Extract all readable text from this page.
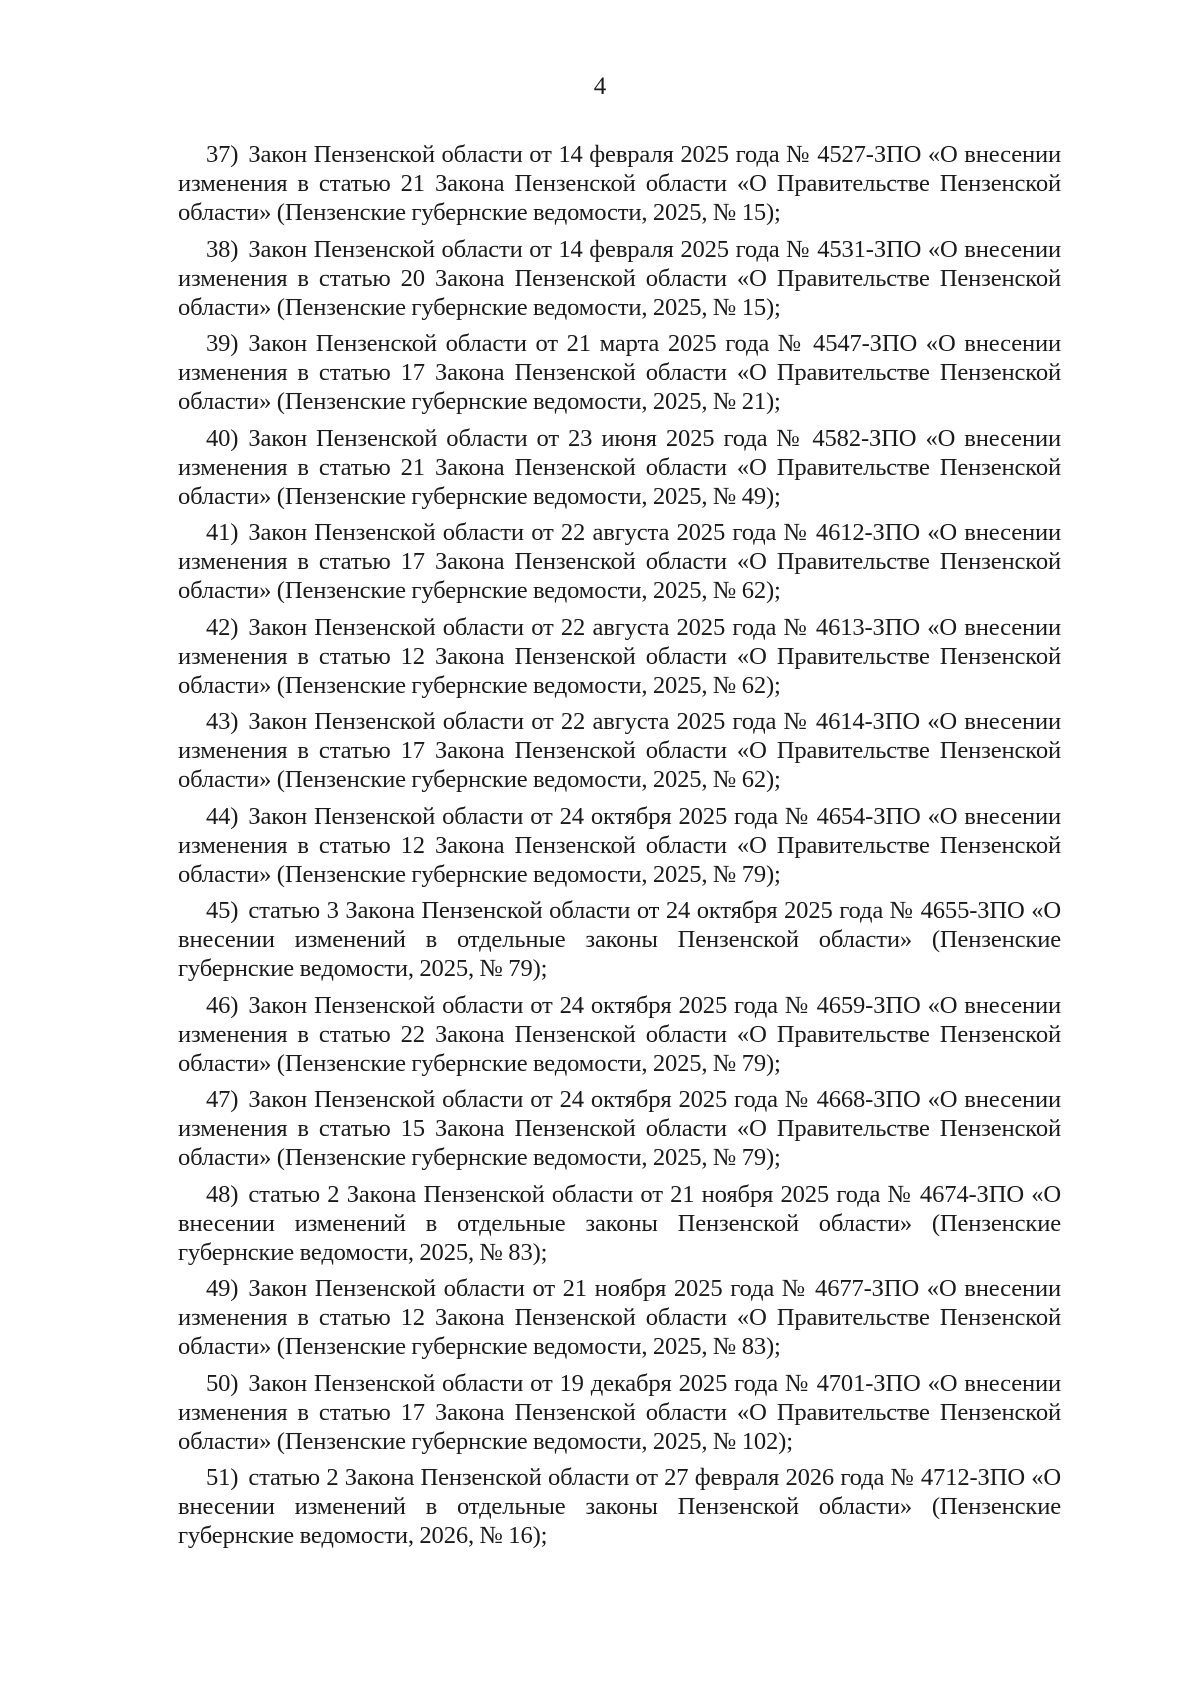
4

37) Закон Пензенской области от 14 февраля 2025 года № 4527-ЗПО «О внесении изменения в статью 21 Закона Пензенской области «О Правительстве Пензенской области» (Пензенские губернские ведомости, 2025, № 15);

38) Закон Пензенской области от 14 февраля 2025 года № 4531-ЗПО «О внесении изменения в статью 20 Закона Пензенской области «О Правительстве Пензенской области» (Пензенские губернские ведомости, 2025, № 15);

39) Закон Пензенской области от 21 марта 2025 года № 4547-ЗПО «О внесении изменения в статью 17 Закона Пензенской области «О Правительстве Пензенской области» (Пензенские губернские ведомости, 2025, № 21);

40) Закон Пензенской области от 23 июня 2025 года № 4582-ЗПО «О внесении изменения в статью 21 Закона Пензенской области «О Правительстве Пензенской области» (Пензенские губернские ведомости, 2025, № 49);

41) Закон Пензенской области от 22 августа 2025 года № 4612-ЗПО «О внесении изменения в статью 17 Закона Пензенской области «О Правительстве Пензенской области» (Пензенские губернские ведомости, 2025, № 62);

42) Закон Пензенской области от 22 августа 2025 года № 4613-ЗПО «О внесении изменения в статью 12 Закона Пензенской области «О Правительстве Пензенской области» (Пензенские губернские ведомости, 2025, № 62);

43) Закон Пензенской области от 22 августа 2025 года № 4614-ЗПО «О внесении изменения в статью 17 Закона Пензенской области «О Правительстве Пензенской области» (Пензенские губернские ведомости, 2025, № 62);

44) Закон Пензенской области от 24 октября 2025 года № 4654-ЗПО «О внесении изменения в статью 12 Закона Пензенской области «О Правительстве Пензенской области» (Пензенские губернские ведомости, 2025, № 79);

45) статью 3 Закона Пензенской области от 24 октября 2025 года № 4655-ЗПО «О внесении изменений в отдельные законы Пензенской области» (Пензенские губернские ведомости, 2025, № 79);

46) Закон Пензенской области от 24 октября 2025 года № 4659-ЗПО «О внесении изменения в статью 22 Закона Пензенской области «О Правительстве Пензенской области» (Пензенские губернские ведомости, 2025, № 79);

47) Закон Пензенской области от 24 октября 2025 года № 4668-ЗПО «О внесении изменения в статью 15 Закона Пензенской области «О Правительстве Пензенской области» (Пензенские губернские ведомости, 2025, № 79);

48) статью 2 Закона Пензенской области от 21 ноября 2025 года № 4674-ЗПО «О внесении изменений в отдельные законы Пензенской области» (Пензенские губернские ведомости, 2025, № 83);

49) Закон Пензенской области от 21 ноября 2025 года № 4677-ЗПО «О внесении изменения в статью 12 Закона Пензенской области «О Правительстве Пензенской области» (Пензенские губернские ведомости, 2025, № 83);

50) Закон Пензенской области от 19 декабря 2025 года № 4701-ЗПО «О внесении изменения в статью 17 Закона Пензенской области «О Правительстве Пензенской области» (Пензенские губернские ведомости, 2025, № 102);

51) статью 2 Закона Пензенской области от 27 февраля 2026 года № 4712-ЗПО «О внесении изменений в отдельные законы Пензенской области» (Пензенские губернские ведомости, 2026, № 16);
